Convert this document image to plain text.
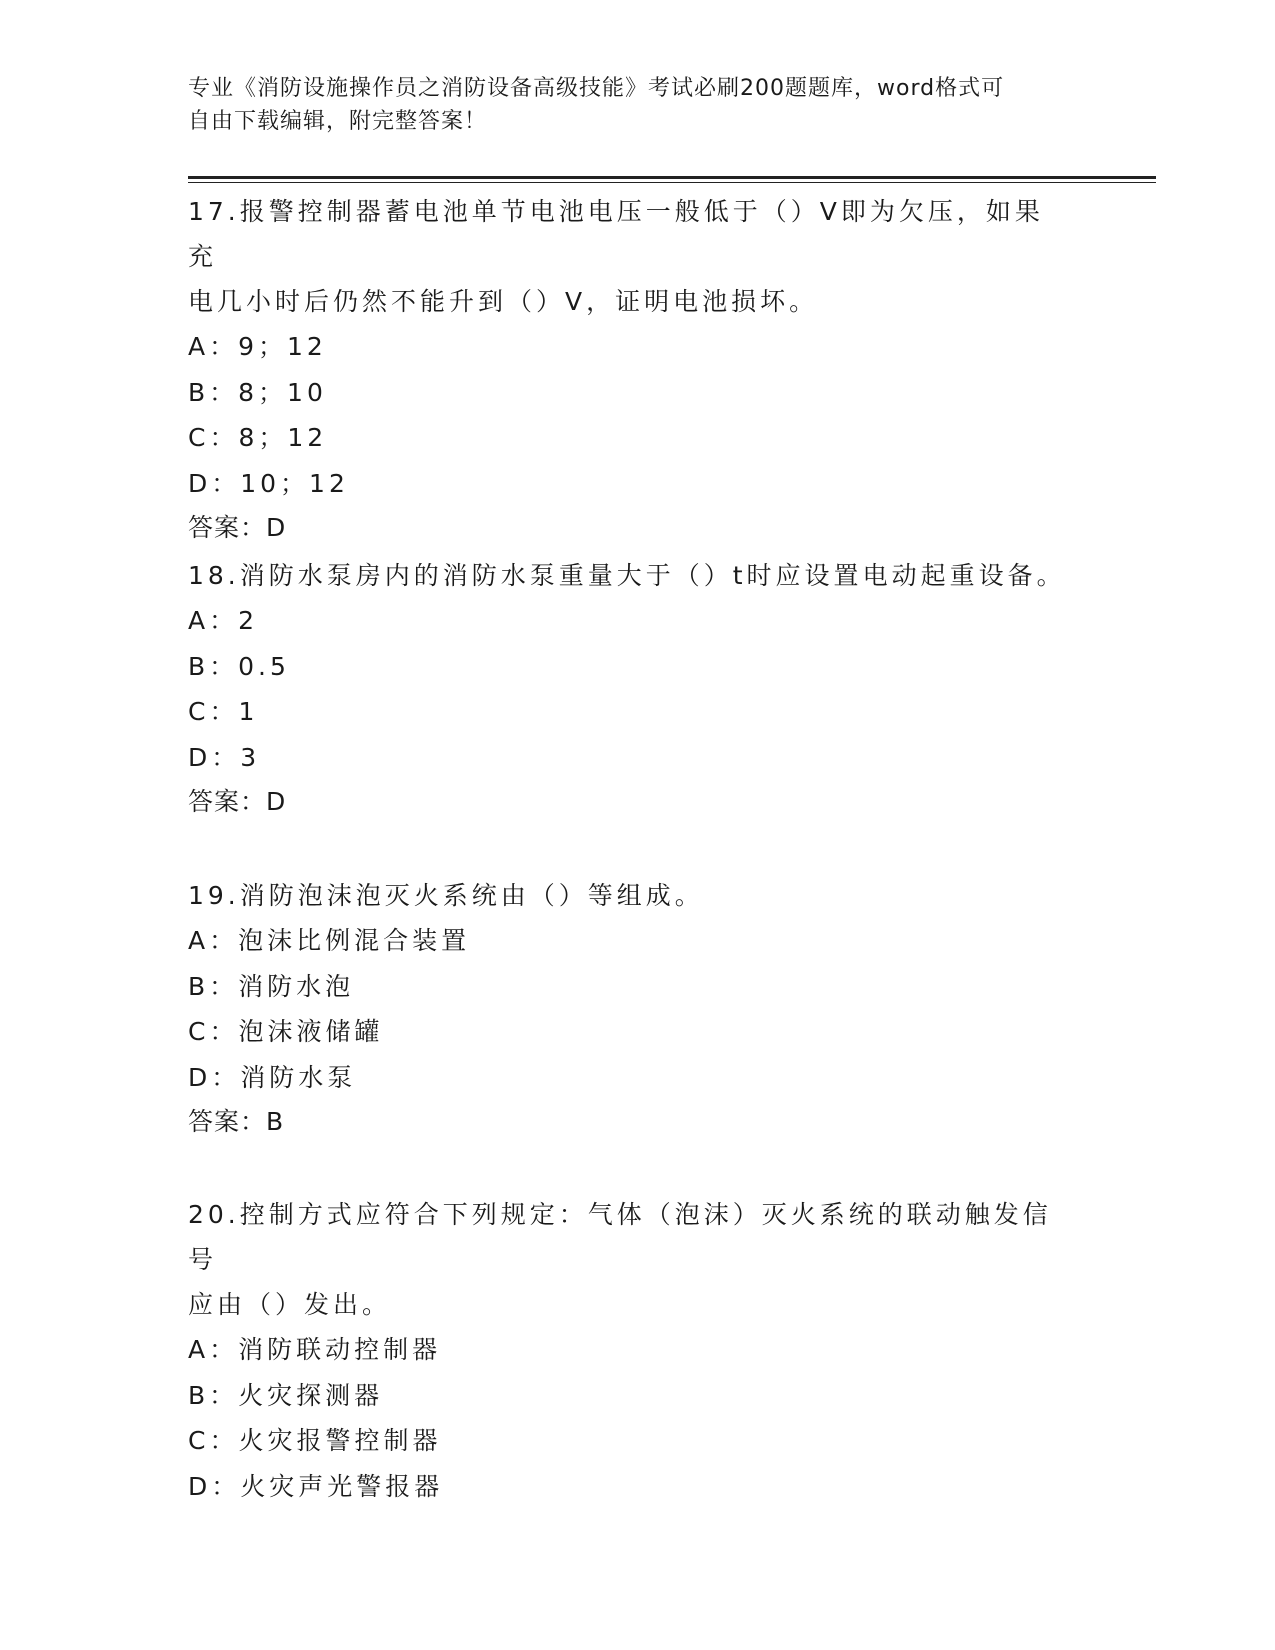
专业《消防设施操作员之消防设备高级技能》考试必刷200题题库，word格式可
自由下载编辑，附完整答案！
17.报警控制器蓄电池单节电池电压一般低于（）V即为欠压，如果充
电几小时后仍然不能升到（）V，证明电池损坏。
A：9；12
B：8；10
C：8；12
D：10；12
答案：D
18.消防水泵房内的消防水泵重量大于（）t时应设置电动起重设备。
A：2
B：0.5
C：1
D：3
答案：D
19.消防泡沫泡灭火系统由（）等组成。
A：泡沫比例混合装置
B：消防水泡
C：泡沫液储罐
D：消防水泵
答案：B
20.控制方式应符合下列规定：气体（泡沫）灭火系统的联动触发信号
应由（）发出。
A：消防联动控制器
B：火灾探测器
C：火灾报警控制器
D：火灾声光警报器
